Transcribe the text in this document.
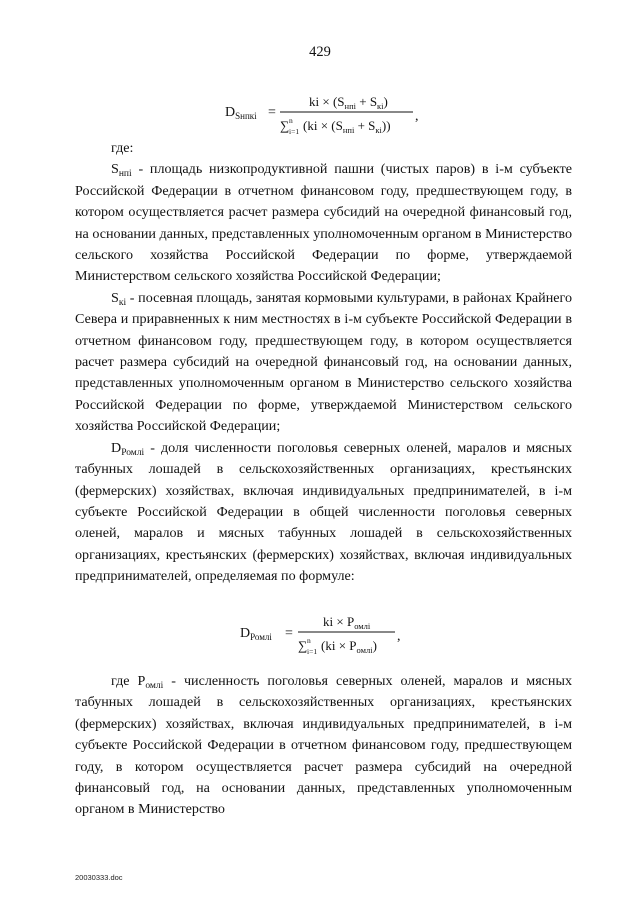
429
$D_{Sнпкi}$ =
ki × $(S_{нпi} + S_{кi})$
∑ n
i=1 $(ki \times (S_{нпi} + S_{кi}))$
,

где:

$S_{нпi}$ - площадь низкопродуктивной пашни (чистых паров) в i-м субъекте Российской Федерации в отчетном финансовом году, предшествующем году, в котором осуществляется расчет размера субсидий на очередной финансовый год, на основании данных, представленных уполномоченным органом в Министерство сельского хозяйства Российской Федерации по форме, утверждаемой Министерством сельского хозяйства Российской Федерации;

$S_{кi}$ - посевная площадь, занятая кормовыми культурами, в районах Крайнего Севера и приравненных к ним местностях в i-м субъекте Российской Федерации в отчетном финансовом году, предшествующем году, в котором осуществляется расчет размера субсидий на очередной финансовый год, на основании данных, представленных уполномоченным органом в Министерство сельского хозяйства Российской Федерации по форме, утверждаемой Министерством сельского хозяйства Российской Федерации;

$D_{Ромлi}$ - доля численности поголовья северных оленей, маралов и мясных табунных лошадей в сельскохозяйственных организациях, крестьянских (фермерских) хозяйствах, включая индивидуальных предпринимателей, в i-м субъекте Российской Федерации в общей численности поголовья северных оленей, маралов и мясных табунных лошадей в сельскохозяйственных организациях, крестьянских (фермерских) хозяйствах, включая индивидуальных предпринимателей, определяемая по формуле:

$D_{Ромлi}$ =
ki × $P_{омлi}$
∑ n
i=1 $(ki \times P_{омлi})$
,

где $P_{омлi}$ - численность поголовья северных оленей, маралов и мясных табунных лошадей в сельскохозяйственных организациях, крестьянских (фермерских) хозяйствах, включая индивидуальных предпринимателей, в i-м субъекте Российской Федерации в отчетном финансовом году, предшествующем году, в котором осуществляется расчет размера субсидий на очередной финансовый год, на основании данных, представленных уполномоченным органом в Министерство

20030333.doc
